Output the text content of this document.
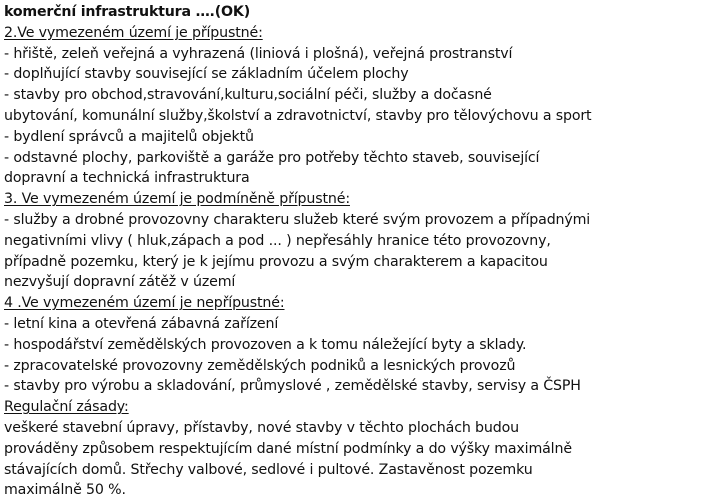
komerční infrastruktura ….(OK)
2.Ve vymezeném území je přípustné:
- hřiště, zeleň veřejná a vyhrazená (liniová i plošná), veřejná prostranství
- doplňující stavby související se základním účelem plochy
- stavby pro obchod,stravování,kulturu,sociální péči, služby a dočasné
ubytování, komunální služby,školství a zdravotnictví, stavby pro tělovýchovu a sport
- bydlení správců a majitelů objektů
- odstavné plochy, parkoviště a garáže pro potřeby těchto staveb, související
dopravní a technická infrastruktura
3. Ve vymezeném území je podmíněně přípustné:
- služby a drobné provozovny charakteru služeb které svým provozem a případnými
negativními vlivy ( hluk,zápach a pod ... ) nepřesáhly hranice této provozovny,
případně pozemku, který je k jejímu provozu a svým charakterem a kapacitou
nezvyšují dopravní zátěž v území
4 .Ve vymezeném území je nepřípustné:
- letní kina a otevřená zábavná zařízení
- hospodářství zemědělských provozoven a k tomu náležející byty a sklady.
- zpracovatelské provozovny zemědělských podniků a lesnických provozů
- stavby pro výrobu a skladování, průmyslové , zemědělské stavby, servisy a ČSPH
Regulační zásady:
veškeré stavební úpravy, přístavby, nové stavby v těchto plochách budou
prováděny způsobem respektujícím dané místní podmínky a do výšky maximálně
stávajících domů. Střechy valbové, sedlové i pultové. Zastavěnost pozemku
maximálně 50 %.
